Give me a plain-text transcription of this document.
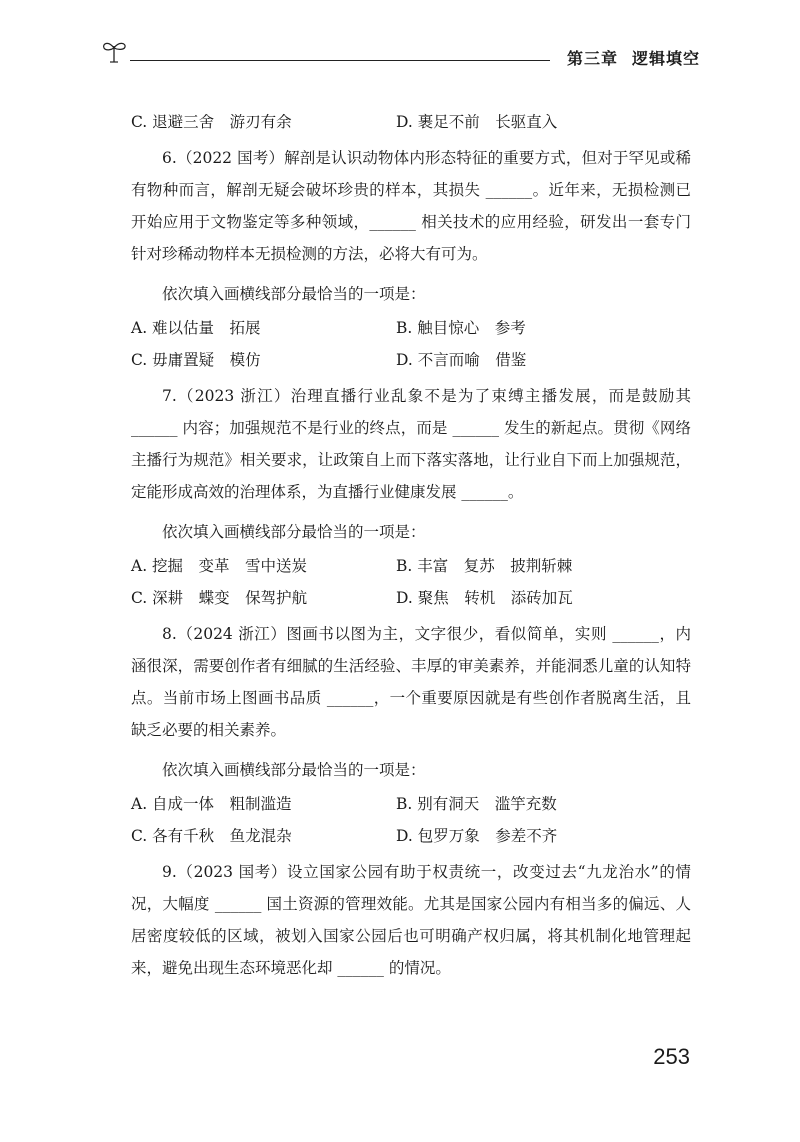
第三章 逻辑填空
C. 退避三舍　游刃有余	D. 裹足不前　长驱直入

6.（2022 国考）解剖是认识动物体内形态特征的重要方式，但对于罕见或稀有物种而言，解剖无疑会破坏珍贵的样本，其损失 ______。近年来，无损检测已开始应用于文物鉴定等多种领域，______ 相关技术的应用经验，研发出一套专门针对珍稀动物样本无损检测的方法，必将大有可为。

依次填入画横线部分最恰当的一项是：

A. 难以估量　拓展	B. 触目惊心　参考
C. 毋庸置疑　模仿	D. 不言而喻　借鉴

7.（2023 浙江）治理直播行业乱象不是为了束缚主播发展，而是鼓励其 ______ 内容；加强规范不是行业的终点，而是 ______ 发生的新起点。贯彻《网络主播行为规范》相关要求，让政策自上而下落实落地，让行业自下而上加强规范，定能形成高效的治理体系，为直播行业健康发展 ______。

依次填入画横线部分最恰当的一项是：

A. 挖掘　变革　雪中送炭	B. 丰富　复苏　披荆斩棘
C. 深耕　蝶变　保驾护航	D. 聚焦　转机　添砖加瓦

8.（2024 浙江）图画书以图为主，文字很少，看似简单，实则 ______，内涵很深，需要创作者有细腻的生活经验、丰厚的审美素养，并能洞悉儿童的认知特点。当前市场上图画书品质 ______，一个重要原因就是有些创作者脱离生活，且缺乏必要的相关素养。

依次填入画横线部分最恰当的一项是：

A. 自成一体　粗制滥造	B. 别有洞天　滥竽充数
C. 各有千秋　鱼龙混杂	D. 包罗万象　参差不齐

9.（2023 国考）设立国家公园有助于权责统一，改变过去“九龙治水”的情况，大幅度 ______ 国土资源的管理效能。尤其是国家公园内有相当多的偏远、人居密度较低的区域，被划入国家公园后也可明确产权归属，将其机制化地管理起来，避免出现生态环境恶化却 ______ 的情况。

253
